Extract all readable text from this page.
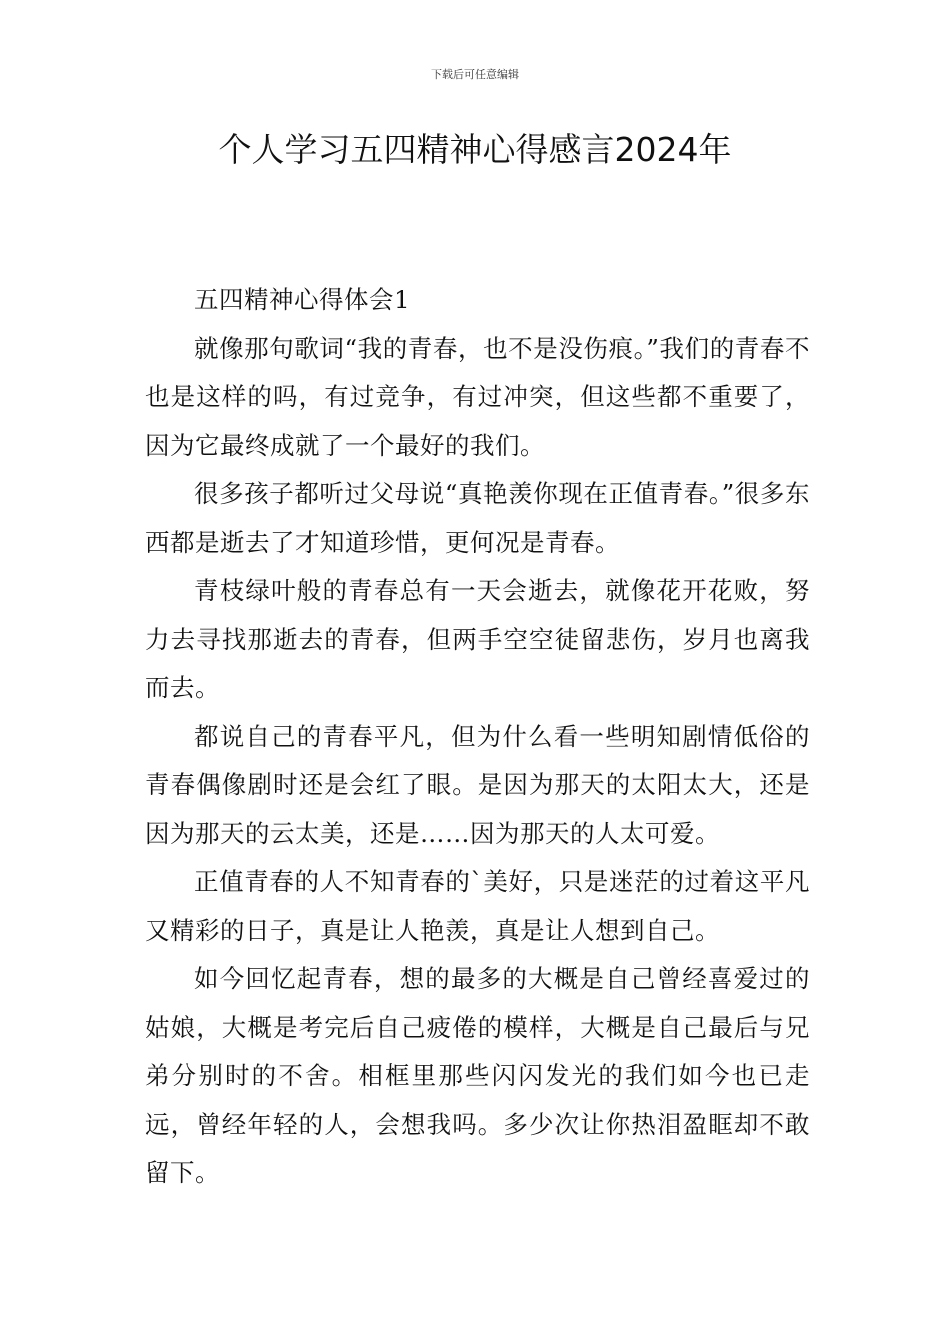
下载后可任意编辑
个人学习五四精神心得感言2024年

五四精神心得体会1

就像那句歌词“我的青春，也不是没伤痕。”我们的青春不也是这样的吗，有过竞争，有过冲突，但这些都不重要了，因为它最终成就了一个最好的我们。

很多孩子都听过父母说“真艳羡你现在正值青春。”很多东西都是逝去了才知道珍惜，更何况是青春。

青枝绿叶般的青春总有一天会逝去，就像花开花败，努力去寻找那逝去的青春，但两手空空徒留悲伤，岁月也离我而去。

都说自己的青春平凡，但为什么看一些明知剧情低俗的青春偶像剧时还是会红了眼。是因为那天的太阳太大，还是因为那天的云太美，还是……因为那天的人太可爱。

正值青春的人不知青春的`美好，只是迷茫的过着这平凡又精彩的日子，真是让人艳羡，真是让人想到自己。

如今回忆起青春，想的最多的大概是自己曾经喜爱过的姑娘，大概是考完后自己疲倦的模样，大概是自己最后与兄弟分别时的不舍。相框里那些闪闪发光的我们如今也已走远，曾经年轻的人，会想我吗。多少次让你热泪盈眶却不敢留下。
